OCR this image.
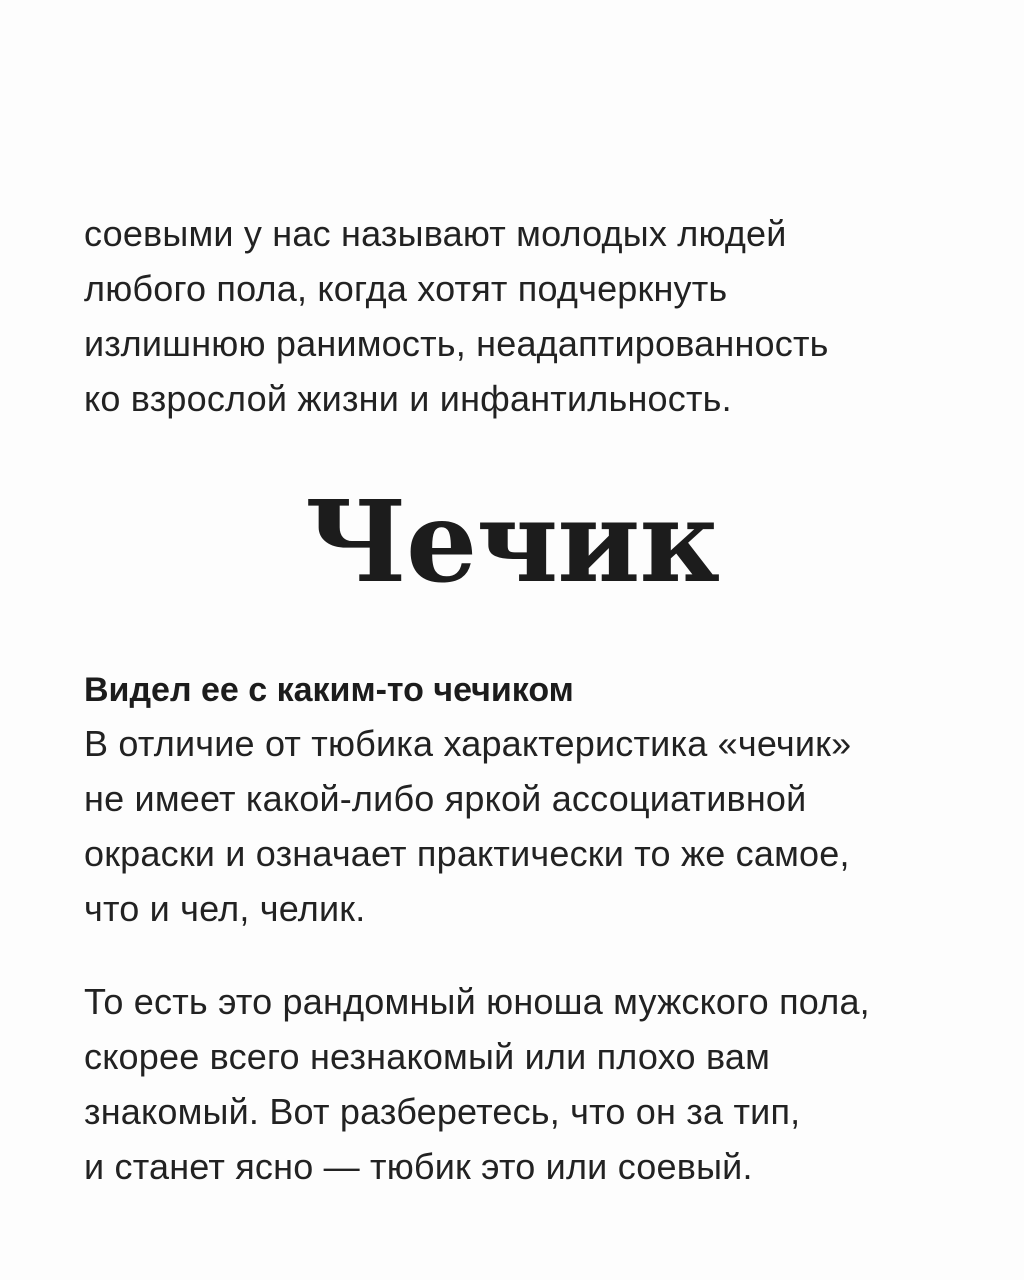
соевыми у нас называют молодых людей
любого пола, когда хотят подчеркнуть
излишнюю ранимость, неадаптированность
ко взрослой жизни и инфантильность.

Чечик

Видел ее с каким-то чечиком

В отличие от тюбика характеристика «чечик»
не имеет какой-либо яркой ассоциативной
окраски и означает практически то же самое,
что и чел, челик.

То есть это рандомный юноша мужского пола,
скорее всего незнакомый или плохо вам
знакомый. Вот разберетесь, что он за тип,
и станет ясно — тюбик это или соевый.
